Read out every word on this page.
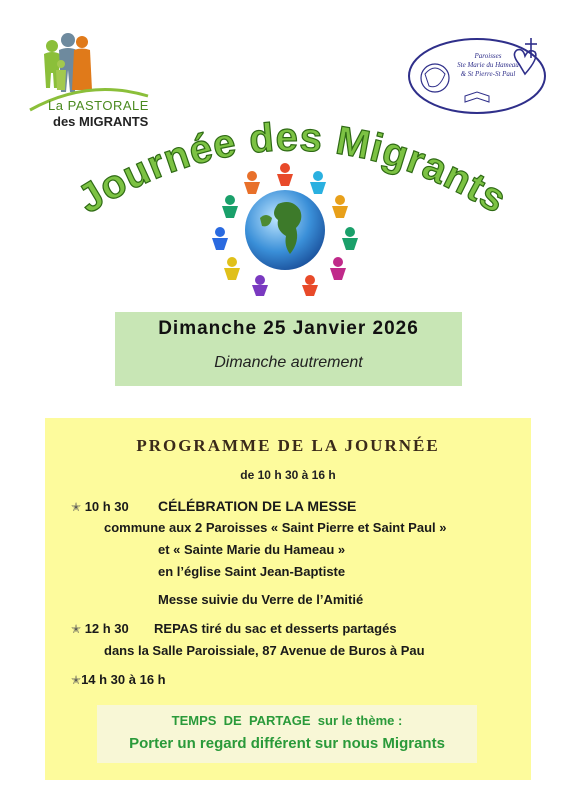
La PASTORALE
des MIGRANTS
Paroisses
Ste Marie du Hameau
& St Pierre-St Paul
Journée des Migrants
Dimanche 25 Janvier 2026
Dimanche autrement
PROGRAMME DE LA JOURNÉE
de 10 h 30 à 16 h
✭ 10 h 30 CÉLÉBRATION DE LA MESSE
commune aux 2 Paroisses « Saint Pierre et Saint Paul »
et « Sainte Marie du Hameau »
en l’église Saint Jean-Baptiste
Messe suivie du Verre de l’Amitié
✭ 12 h 30 REPAS tiré du sac et desserts partagés
dans la Salle Paroissiale, 87 Avenue de Buros à Pau
✭14 h 30 à 16 h
TEMPS  DE  PARTAGE  sur le thème :
Porter un regard différent sur nous Migrants
